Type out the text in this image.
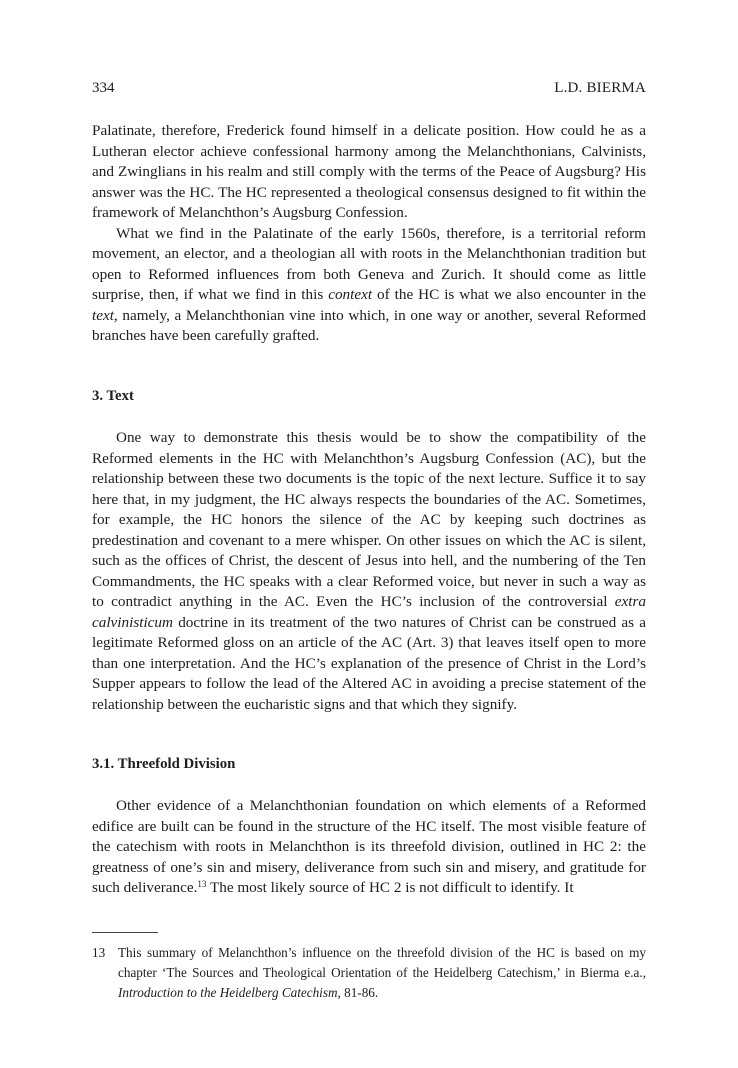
334	L.D. BIERMA

Palatinate, therefore, Frederick found himself in a delicate position. How could he as a Lutheran elector achieve confessional harmony among the Melanchthonians, Calvinists, and Zwinglians in his realm and still comply with the terms of the Peace of Augsburg? His answer was the HC. The HC represented a theological consensus designed to fit within the framework of Melanchthon’s Augsburg Confession.

What we find in the Palatinate of the early 1560s, therefore, is a territorial reform movement, an elector, and a theologian all with roots in the Melanchthonian tradition but open to Reformed influences from both Geneva and Zurich. It should come as little surprise, then, if what we find in this context of the HC is what we also encounter in the text, namely, a Melanchthonian vine into which, in one way or another, several Reformed branches have been carefully grafted.

3. Text

One way to demonstrate this thesis would be to show the compatibility of the Reformed elements in the HC with Melanchthon’s Augsburg Confession (AC), but the relationship between these two documents is the topic of the next lecture. Suffice it to say here that, in my judgment, the HC always respects the boundaries of the AC. Sometimes, for example, the HC honors the silence of the AC by keeping such doctrines as predestination and covenant to a mere whisper. On other issues on which the AC is silent, such as the offices of Christ, the descent of Jesus into hell, and the numbering of the Ten Commandments, the HC speaks with a clear Reformed voice, but never in such a way as to contradict anything in the AC. Even the HC’s inclusion of the controversial extra calvinisticum doctrine in its treatment of the two natures of Christ can be construed as a legitimate Reformed gloss on an article of the AC (Art. 3) that leaves itself open to more than one interpretation. And the HC’s explanation of the presence of Christ in the Lord’s Supper appears to follow the lead of the Altered AC in avoiding a precise statement of the relationship between the eucharistic signs and that which they signify.

3.1. Threefold Division

Other evidence of a Melanchthonian foundation on which elements of a Reformed edifice are built can be found in the structure of the HC itself. The most visible feature of the catechism with roots in Melanchthon is its threefold division, outlined in HC 2: the greatness of one’s sin and misery, deliverance from such sin and misery, and gratitude for such deliverance.$^{13}$ The most likely source of HC 2 is not difficult to identify. It

13 This summary of Melanchthon’s influence on the threefold division of the HC is based on my chapter ‘The Sources and Theological Orientation of the Heidelberg Catechism,’ in Bierma e.a., Introduction to the Heidelberg Catechism, 81-86.
